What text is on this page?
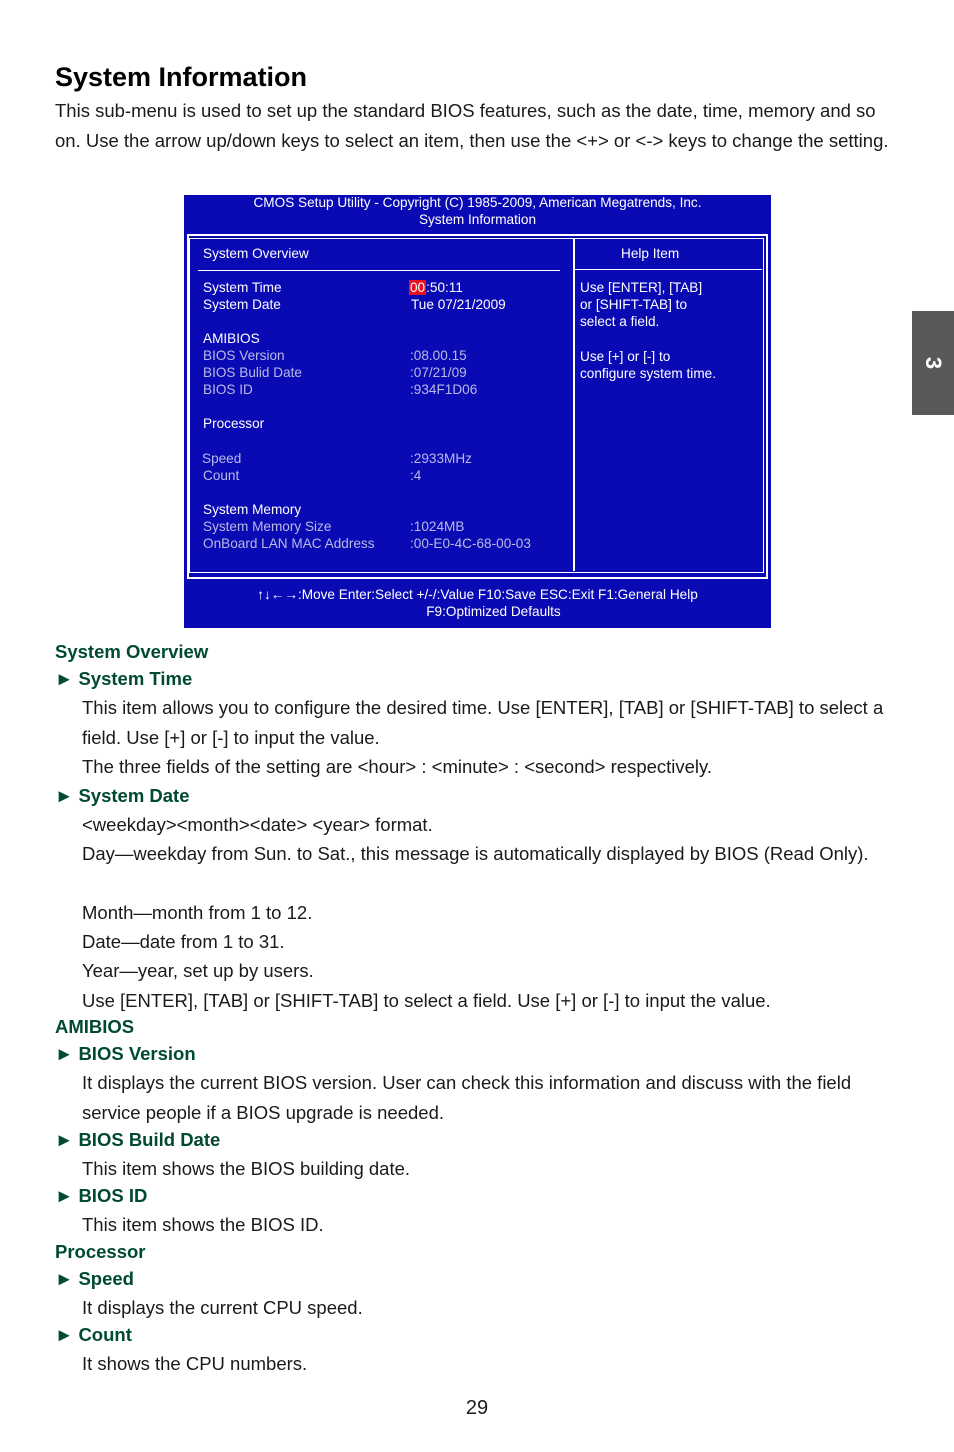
System Information
This sub-menu is used to set up the standard BIOS features, such as the date, time, memory and so on. Use the arrow up/down keys to select an item, then use the <+> or <-> keys to change the setting.
3
CMOS Setup Utility - Copyright (C) 1985-2009, American Megatrends, Inc.
System Information
System Overview	Help Item
System Time	00:50:11
System Date	Tue 07/21/2009
AMIBIOS
BIOS Version	:08.00.15
BIOS Bulid Date	:07/21/09
BIOS ID	:934F1D06
Processor
Speed	:2933MHz
Count	:4
System Memory
System Memory Size	:1024MB
OnBoard LAN MAC Address	:00-E0-4C-68-00-03
Use [ENTER], [TAB]
or [SHIFT-TAB] to

select a field.

Use [+] or [-] to
configure system time.
↑↓←→:Move Enter:Select +/-/:Value F10:Save ESC:Exit F1:General Help
F9:Optimized Defaults
System Overview
► System Time
This item allows you to configure the desired time. Use [ENTER], [TAB] or [SHIFT-TAB] to select a field. Use [+] or [-] to input the value.
The three fields of the setting are <hour> : <minute> : <second> respectively.
► System Date
<weekday><month><date> <year> format.
Day—weekday from Sun. to Sat., this message is automatically displayed by BIOS (Read Only).
Month—month from 1 to 12.
Date—date from 1 to 31.
Year—year, set up by users.
Use [ENTER], [TAB] or [SHIFT-TAB] to select a field. Use [+] or [-] to input the value.
AMIBIOS
► BIOS Version
It displays the current BIOS version. User can check this information and discuss with the field service people if a BIOS upgrade is needed.
► BIOS Build Date
This item shows the BIOS building date.
► BIOS ID
This item shows the BIOS ID.
Processor
► Speed
It displays the current CPU speed.
► Count
It shows the CPU numbers.
29
